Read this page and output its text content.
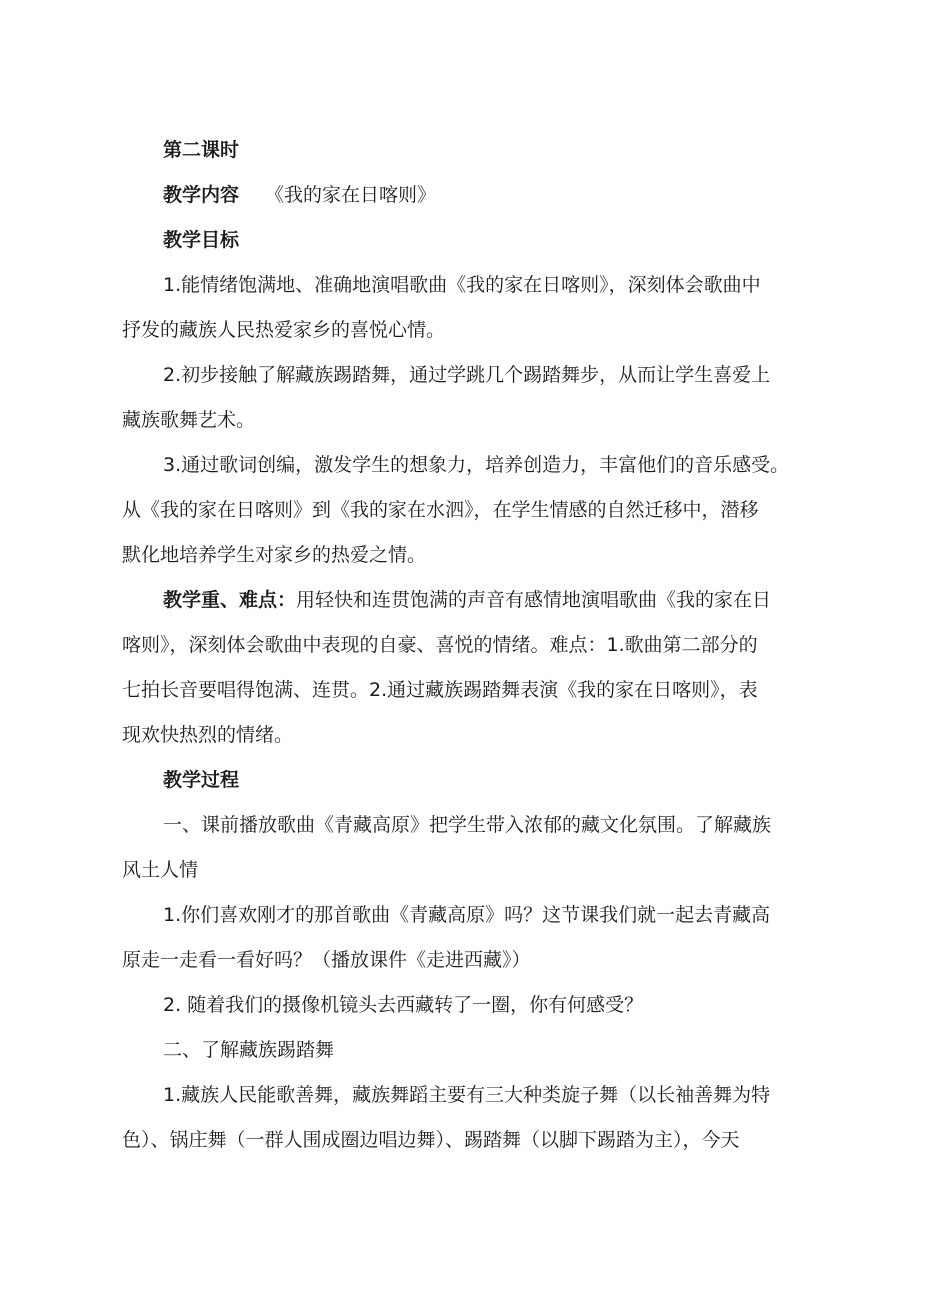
第二课时
教学内容 《我的家在日喀则》
教学目标
1.能情绪饱满地、准确地演唱歌曲《我的家在日喀则》，深刻体会歌曲中
抒发的藏族人民热爱家乡的喜悦心情。
2.初步接触了解藏族踢踏舞，通过学跳几个踢踏舞步，从而让学生喜爱上
藏族歌舞艺术。
3.通过歌词创编，激发学生的想象力，培养创造力，丰富他们的音乐感受。
从《我的家在日喀则》到《我的家在水泗》，在学生情感的自然迁移中，潜移
默化地培养学生对家乡的热爱之情。
教学重、难点：用轻快和连贯饱满的声音有感情地演唱歌曲《我的家在日
喀则》，深刻体会歌曲中表现的自豪、喜悦的情绪。难点：1.歌曲第二部分的
七拍长音要唱得饱满、连贯。2.通过藏族踢踏舞表演《我的家在日喀则》，表
现欢快热烈的情绪。
教学过程
一、课前播放歌曲《青藏高原》把学生带入浓郁的藏文化氛围。了解藏族
风土人情
1.你们喜欢刚才的那首歌曲《青藏高原》吗？这节课我们就一起去青藏高
原走一走看一看好吗？（播放课件《走进西藏》）
2. 随着我们的摄像机镜头去西藏转了一圈，你有何感受？
二、了解藏族踢踏舞
1.藏族人民能歌善舞，藏族舞蹈主要有三大种类旋子舞（以长袖善舞为特
色）、锅庄舞（一群人围成圈边唱边舞）、踢踏舞（以脚下踢踏为主），今天
